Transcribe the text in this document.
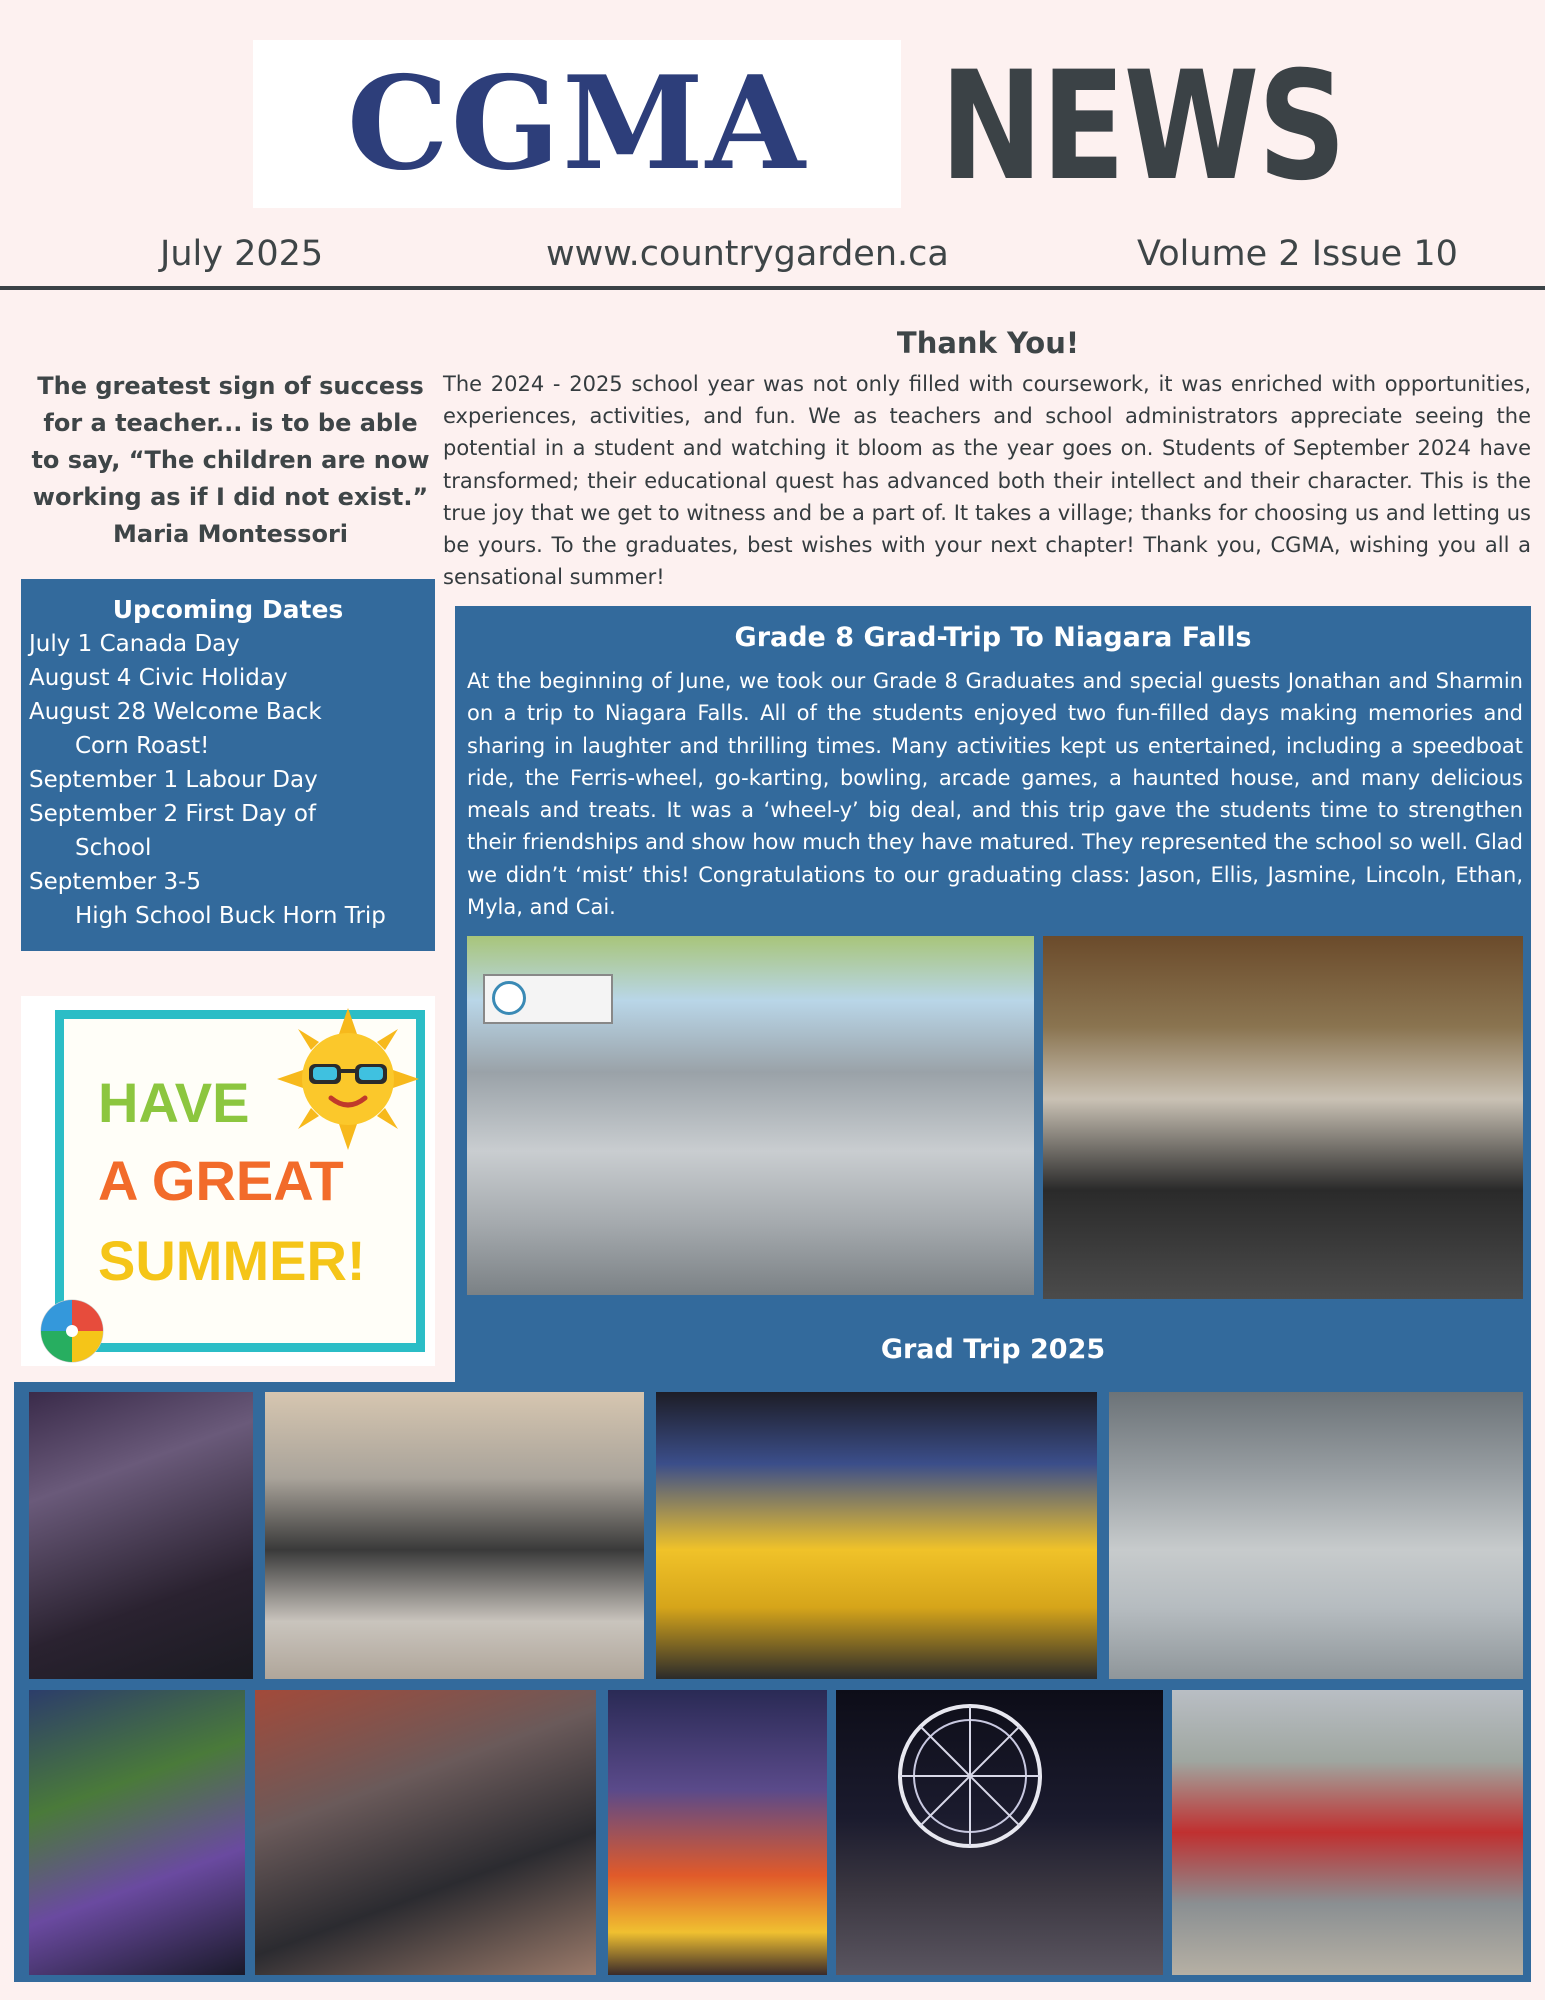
CGMA NEWS
July 2025	www.countrygarden.ca	Volume 2 Issue 10
The greatest sign of success for a teacher... is to be able to say, “The children are now working as if I did not exist.”
Maria Montessori
Thank You!
The 2024 - 2025 school year was not only filled with coursework, it was enriched with opportunities, experiences, activities, and fun. We as teachers and school administrators appreciate seeing the potential in a student and watching it bloom as the year goes on. Students of September 2024 have transformed; their educational quest has advanced both their intellect and their character. This is the true joy that we get to witness and be a part of. It takes a village; thanks for choosing us and letting us be yours. To the graduates, best wishes with your next chapter! Thank you, CGMA, wishing you all a sensational summer!
Upcoming Dates
July 1 Canada Day
August 4 Civic Holiday
August 28 Welcome Back
Corn Roast!
September 1 Labour Day
September 2 First Day of
School
September 3-5
High School Buck Horn Trip
HAVE
A GREAT
SUMMER!
Grade 8 Grad-Trip To Niagara Falls
At the beginning of June, we took our Grade 8 Graduates and special guests Jonathan and Sharmin on a trip to Niagara Falls. All of the students enjoyed two fun-filled days making memories and sharing in laughter and thrilling times. Many activities kept us entertained, including a speedboat ride, the Ferris-wheel, go-karting, bowling, arcade games, a haunted house, and many delicious meals and treats. It was a ‘wheel-y’ big deal, and this trip gave the students time to strengthen their friendships and show how much they have matured. They represented the school so well. Glad we didn’t ‘mist’ this! Congratulations to our graduating class: Jason, Ellis, Jasmine, Lincoln, Ethan, Myla, and Cai.
Grad Trip 2025
